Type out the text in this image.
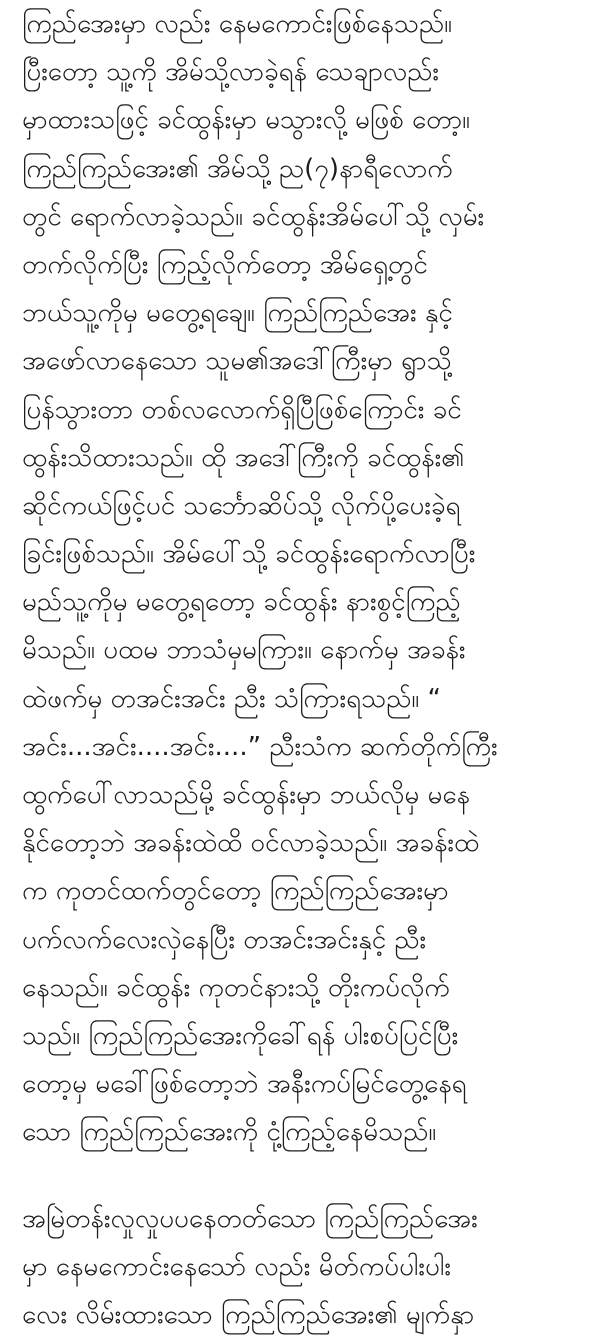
ကြည်အေးမှာ လည်း နေမကောင်းဖြစ်နေသည်။
ပြီးတော့ သူ့ကို အိမ်သို့လာခဲ့ရန် သေချာလည်း
မှာထားသဖြင့် ခင်ထွန်းမှာ မသွားလို့ မဖြစ် တော့။
ကြည်ကြည်အေး၏ အိမ်သို့ ည(၇)နာရီလောက်
တွင် ရောက်လာခဲ့သည်။ ခင်ထွန်းအိမ်ပေါ်သို့ လှမ်း
တက်လိုက်ပြီး ကြည့်လိုက်တော့ အိမ်ရှေ့တွင်
ဘယ်သူ့ကိုမှ မတွေ့ရချေ။ ကြည်ကြည်အေး နှင့်
အဖော်လာနေသော သူမ၏အဒေါ်ကြီးမှာ ရွာသို့
ပြန်သွားတာ တစ်လလောက်ရှိပြီဖြစ်ကြောင်း ခင်
ထွန်းသိထားသည်။ ထို အဒေါ်ကြီးကို ခင်ထွန်း၏
ဆိုင်ကယ်ဖြင့်ပင် သင်္ဘောဆိပ်သို့ လိုက်ပို့ပေးခဲ့ရ
ခြင်းဖြစ်သည်။ အိမ်ပေါ်သို့ ခင်ထွန်းရောက်လာပြီး
မည်သူ့ကိုမှ မတွေ့ရတော့ ခင်ထွန်း နားစွင့်ကြည့်
မိသည်။ ပထမ ဘာသံမှမကြား။ နောက်မှ အခန်း
ထဲဖက်မှ တအင်းအင်း ညီး သံကြားရသည်။ “
အင်း...အင်း....အင်း....” ညီးသံက ဆက်တိုက်ကြီး
ထွက်ပေါ်လာသည်မို့ ခင်ထွန်းမှာ ဘယ်လိုမှ မနေ
နိုင်တော့ဘဲ အခန်းထဲထိ ဝင်လာခဲ့သည်။ အခန်းထဲ
က ကုတင်ထက်တွင်တော့ ကြည်ကြည်အေးမှာ
ပက်လက်လေးလှဲနေပြီး တအင်းအင်းနှင့် ညီး
နေသည်။ ခင်ထွန်း ကုတင်နားသို့ တိုးကပ်လိုက်
သည်။ ကြည်ကြည်အေးကိုခေါ်ရန် ပါးစပ်ပြင်ပြီး
တော့မှ မခေါ်ဖြစ်တော့ဘဲ အနီးကပ်မြင်တွေ့နေရ
သော ကြည်ကြည်အေးကို ငုံ့ကြည့်နေမိသည်။
အမြဲတန်းလှုလှုပပနေတတ်သော ကြည်ကြည်အေး
မှာ နေမကောင်းနေသော် လည်း မိတ်ကပ်ပါးပါး
လေး လိမ်းထားသော ကြည်ကြည်အေး၏ မျက်နှာ
